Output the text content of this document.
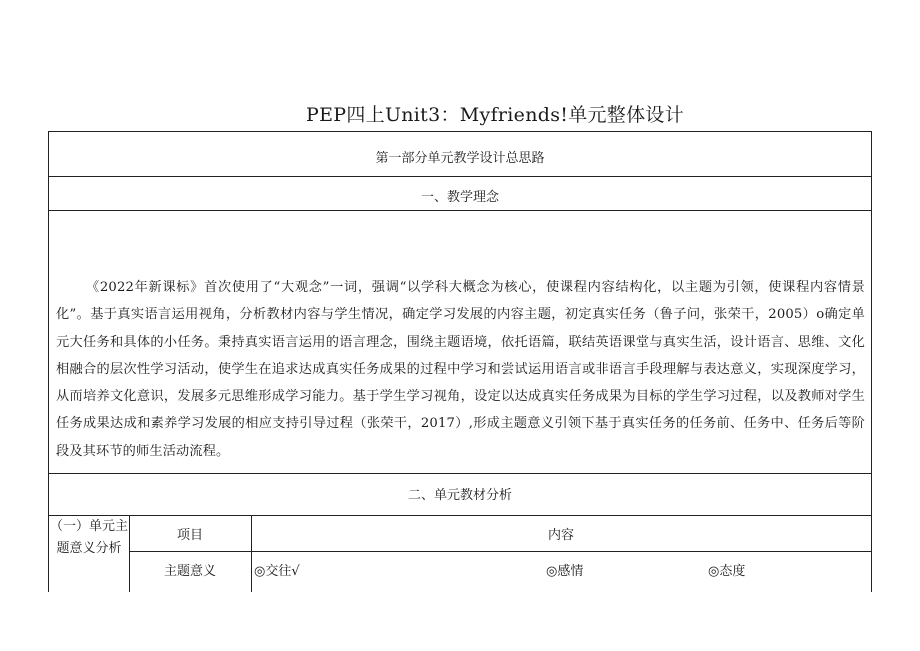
PEP四上Unit3：Myfriends!单元整体设计
第一部分单元教学设计总思路
一、教学理念
《2022年新课标》首次使用了“大观念”一词，强调“以学科大概念为核心，使课程内容结构化，以主题为引领，使课程内容情景化”。基于真实语言运用视角，分析教材内容与学生情况，确定学习发展的内容主题，初定真实任务（鲁子问，张荣干，2005）o确定单元大任务和具体的小任务。秉持真实语言运用的语言理念，围绕主题语境，依托语篇，联结英语课堂与真实生活，设计语言、思维、文化相融合的层次性学习活动，使学生在追求达成真实任务成果的过程中学习和尝试运用语言或非语言手段理解与表达意义，实现深度学习，从而培养文化意识，发展多元思维形成学习能力。基于学生学习视角，设定以达成真实任务成果为目标的学生学习过程，以及教师对学生任务成果达成和素养学习发展的相应支持引导过程（张荣干，2017）,形成主题意义引领下基于真实任务的任务前、任务中、任务后等阶段及其环节的师生活动流程。
二、单元教材分析
（一）单元主题意义分析
项目	内容
主题意义	◎交往√	◎感情	◎态度
